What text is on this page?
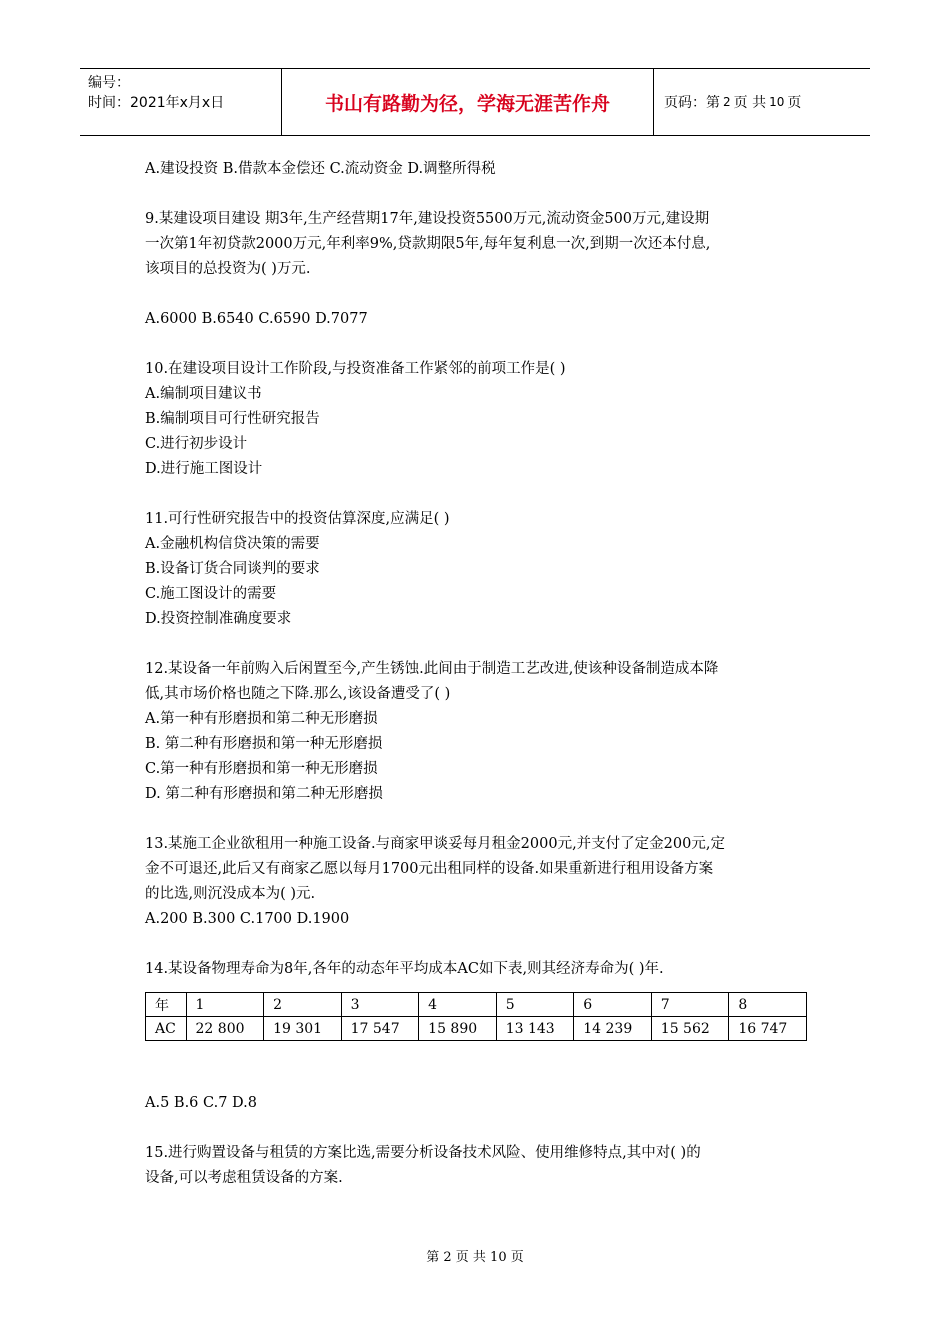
编号：
时间：2021年x月x日	书山有路勤为径，学海无涯苦作舟	页码：第 2 页 共 10 页
A.建设投资 B.借款本金偿还 C.流动资金 D.调整所得税
9.某建设项目建设 期3年,生产经营期17年,建设投资5500万元,流动资金500万元,建设期
一次第1年初贷款2000万元,年利率9%,贷款期限5年,每年复利息一次,到期一次还本付息,
该项目的总投资为( )万元.
A.6000 B.6540 C.6590 D.7077
10.在建设项目设计工作阶段,与投资准备工作紧邻的前项工作是( )
A.编制项目建议书
B.编制项目可行性研究报告
C.进行初步设计
D.进行施工图设计
11.可行性研究报告中的投资估算深度,应满足( )
A.金融机构信贷决策的需要
B.设备订货合同谈判的要求
C.施工图设计的需要
D.投资控制准确度要求
12.某设备一年前购入后闲置至今,产生锈蚀.此间由于制造工艺改进,使该种设备制造成本降
低,其市场价格也随之下降.那么,该设备遭受了( )
A.第一种有形磨损和第二种无形磨损
B. 第二种有形磨损和第一种无形磨损
C.第一种有形磨损和第一种无形磨损
D. 第二种有形磨损和第二种无形磨损
13.某施工企业欲租用一种施工设备.与商家甲谈妥每月租金2000元,并支付了定金200元,定
金不可退还,此后又有商家乙愿以每月1700元出租同样的设备.如果重新进行租用设备方案
的比选,则沉没成本为( )元.
A.200 B.300 C.1700 D.1900
14.某设备物理寿命为8年,各年的动态年平均成本AC如下表,则其经济寿命为( )年.
年	1	2	3	4	5	6	7	8
AC	22 800	19 301	17 547	15 890	13 143	14 239	15 562	16 747
A.5 B.6 C.7 D.8
15.进行购置设备与租赁的方案比选,需要分析设备技术风险、使用维修特点,其中对( )的
设备,可以考虑租赁设备的方案.
第 2 页 共 10 页
